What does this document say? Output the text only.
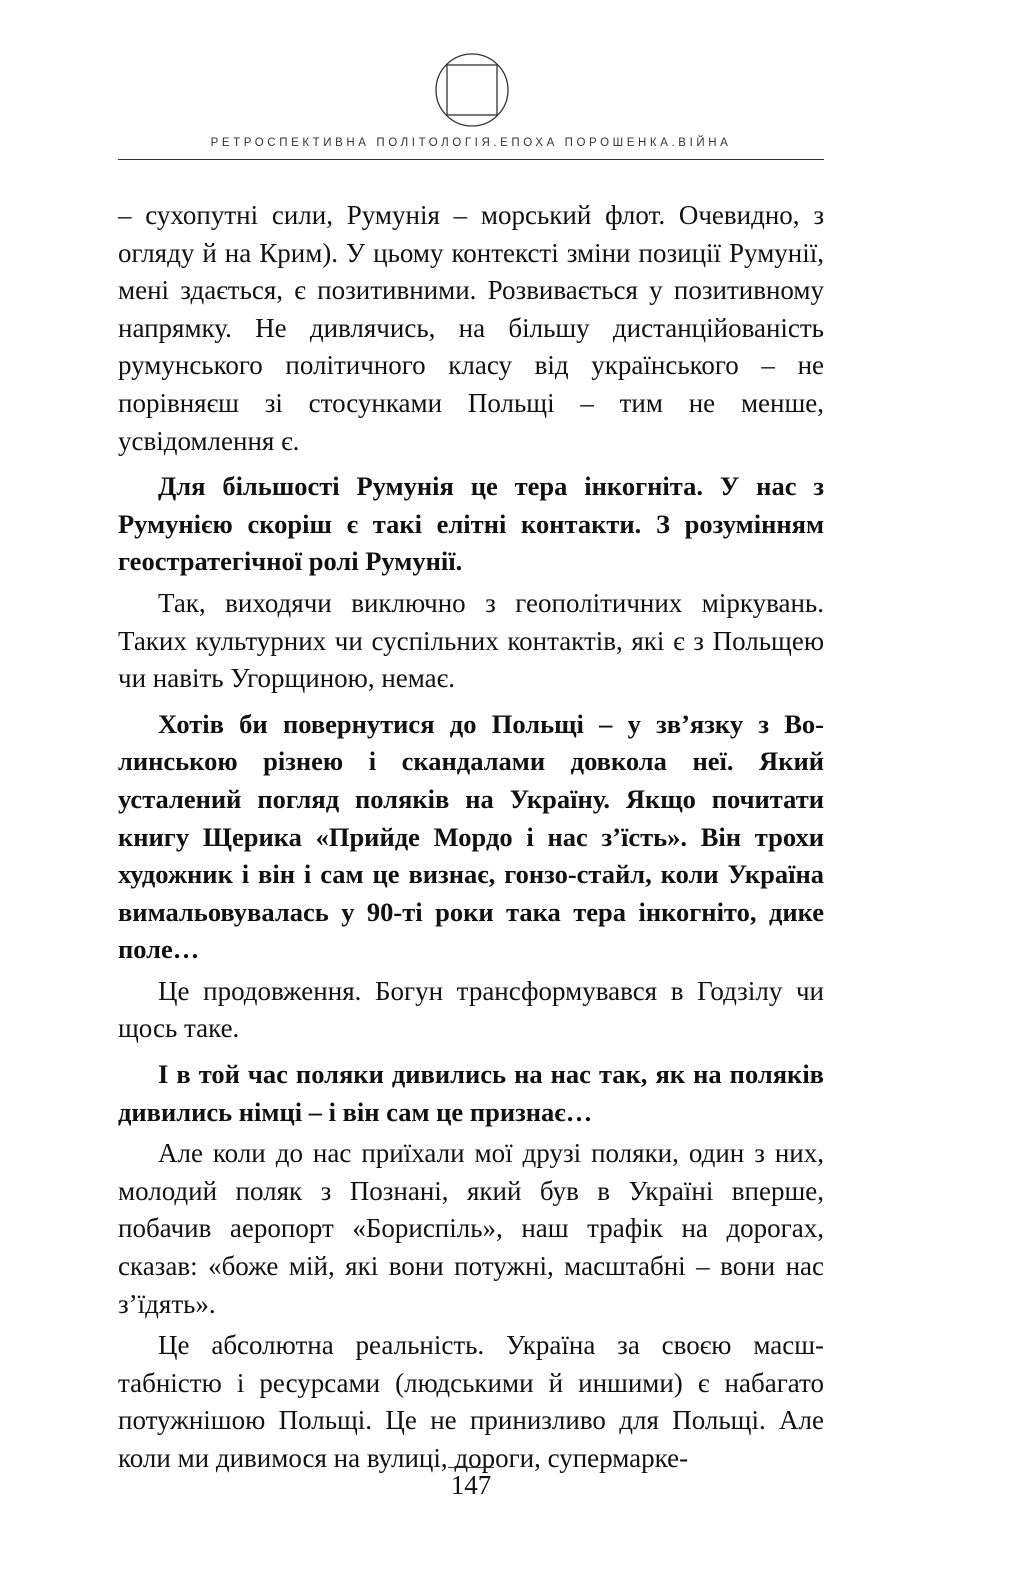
РЕТРОСПЕКТИВНА ПОЛІТОЛОГІЯ.ЕПОХА ПОРОШЕНКА.ВІЙНА

– сухопутні сили, Румунія – морський флот. Очевидно, з огляду й на Крим). У цьому контексті зміни позиції Румунії, мені здається, є позитивними. Розвивається у позитивному напрямку. Не дивлячись, на більшу дистанційованість румунського політичного класу від українського – не порівняєш зі стосунками Польщі – тим не менше, усвідомлення є.

Для більшості Румунія це тера інкогніта. У нас з Румунією скоріш є такі елітні контакти. З розумінням геостратегічної ролі Румунії.

Так, виходячи виключно з геополітичних міркувань. Таких культурних чи суспільних контактів, які є з Польщею чи навіть Угорщиною, немає.

Хотів би повернутися до Польщі – у зв’язку з Волинською різнею і скандалами довкола неї. Який усталений погляд поляків на Україну. Якщо почитати книгу Щерика «Прийде Мордо і нас з’їсть». Він трохи художник і він і сам це визнає, гонзо-стайл, коли Україна вимальовувалась у 90-ті роки така тера інкогніто, дике поле…

Це продовження. Богун трансформувався в Годзілу чи щось таке.

І в той час поляки дивились на нас так, як на поляків дивились німці – і він сам це признає…

Але коли до нас приїхали мої друзі поляки, один з них, молодий поляк з Познані, який був в Україні вперше, побачив аеропорт «Бориспіль», наш трафік на дорогах, сказав: «боже мій, які вони потужні, масштабні – вони нас з’їдять».

Це абсолютна реальність. Україна за своєю масштабністю і ресурсами (людськими й иншими) є набагато потужнішою Польщі. Це не принизливо для Польщі. Але коли ми дивимося на вулиці, дороги, супермарке-

147
